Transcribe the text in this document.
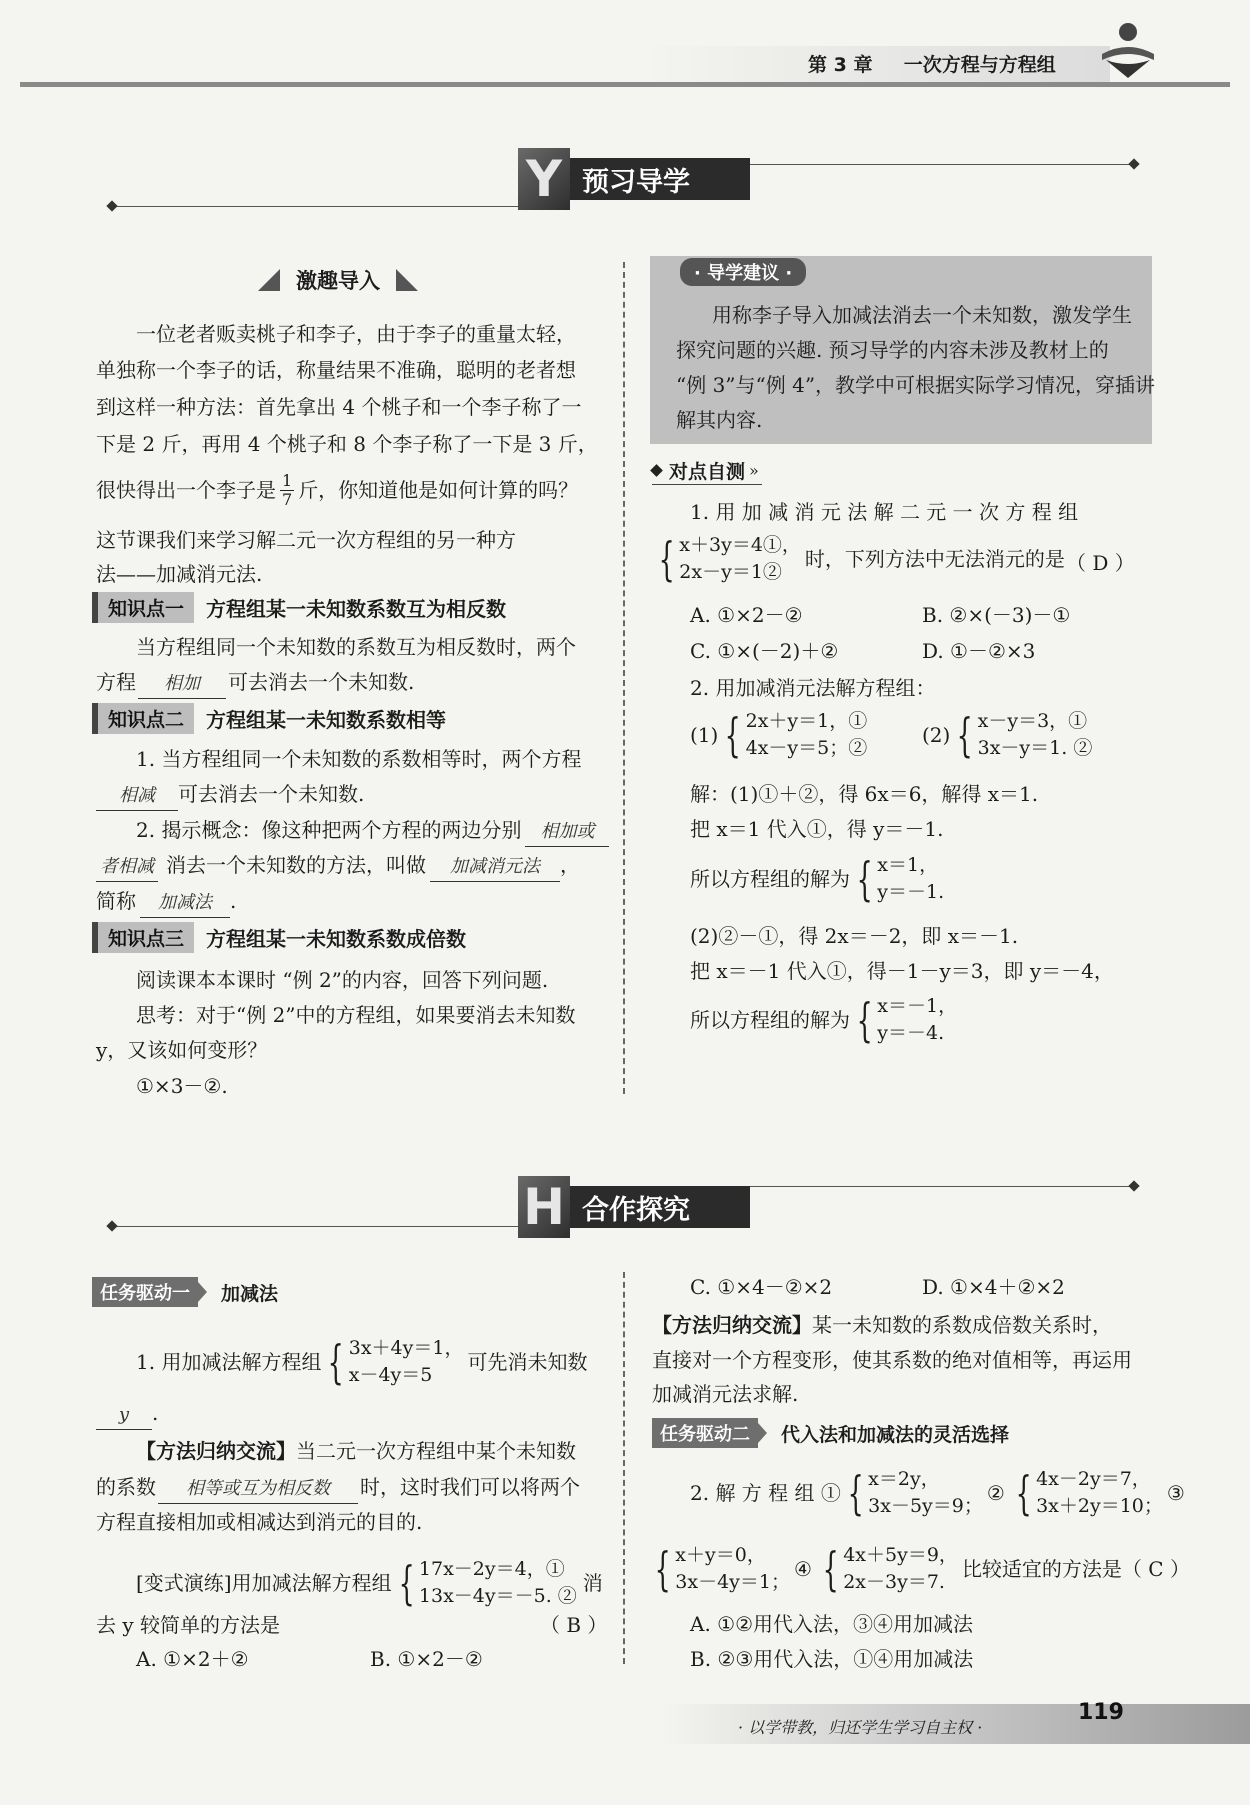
第 3 章 一次方程与方程组
Y 预习导学
激趣导入
一位老者贩卖桃子和李子，由于李子的重量太轻，
单独称一个李子的话，称量结果不准确，聪明的老者想
到这样一种方法：首先拿出 4 个桃子和一个李子称了一
下是 2 斤，再用 4 个桃子和 8 个李子称了一下是 3 斤，
很快得出一个李子是 1
7 斤，你知道他是如何计算的吗？
这节课我们来学习解二元一次方程组的另一种方
法——加减消元法.
知识点一	方程组某一未知数系数互为相反数
当方程组同一个未知数的系数互为相反数时，两个
方程 相加 可去消去一个未知数.
知识点二	方程组某一未知数系数相等
1. 当方程组同一个未知数的系数相等时，两个方程
相减 可去消去一个未知数.
2. 揭示概念：像这种把两个方程的两边分别 相加或
者相减 消去一个未知数的方法，叫做 加减消元法 ，
简称 加减法 .
知识点三	方程组某一未知数系数成倍数
阅读课本本课时 “例 2”的内容，回答下列问题.
思考：对于“例 2”中的方程组，如果要消去未知数
y，又该如何变形？
①×3－②.
· 导学建议 ·
用称李子导入加减法消去一个未知数，激发学生
探究问题的兴趣. 预习导学的内容未涉及教材上的
“例 3”与“例 4”，教学中可根据实际学习情况，穿插讲
解其内容.
对点自测 »
1. 用 加 减 消 元 法 解 二 元 一 次 方 程 组
{ x＋3y＝4①，
2x－y＝1②
时，下列方法中无法消元的是 （ D ）
A. ①×2－②	B. ②×(－3)－①
C. ①×(－2)＋②	D. ①－②×3
2. 用加减消元法解方程组：
(1) { 2x＋y＝1，①
4x－y＝5；②
(2) { x－y＝3，①
3x－y＝1. ②
解：(1)①＋②，得 6x＝6，解得 x＝1.
把 x＝1 代入①，得 y＝－1.
所以方程组的解为 { x＝1，
y＝－1.
(2)②－①，得 2x＝－2，即 x＝－1.
把 x＝－1 代入①，得－1－y＝3，即 y＝－4，
所以方程组的解为 { x＝－1，
y＝－4.
H 合作探究
任务驱动一	加减法
1. 用加减法解方程组 { 3x＋4y＝1，
x－4y＝5
可先消未知数
y .
【方法归纳交流】当二元一次方程组中某个未知数
的系数 相等或互为相反数 时，这时我们可以将两个
方程直接相加或相减达到消元的目的.
[变式演练]用加减法解方程组 { 17x－2y＝4，①
13x－4y＝－5. ②
消
去 y 较简单的方法是	（ B ）
A. ①×2＋②	B. ①×2－②
C. ①×4－②×2	D. ①×4＋②×2
【方法归纳交流】某一未知数的系数成倍数关系时，
直接对一个方程变形，使其系数的绝对值相等，再运用
加减消元法求解.
任务驱动二	代入法和加减法的灵活选择
2. 解 方 程 组 ① { x＝2y，
3x－5y＝9；
② { 4x－2y＝7，
3x＋2y＝10；
③
{ x＋y＝0，
3x－4y＝1；
④ { 4x＋5y＝9，
2x－3y＝7.
比较适宜的方法是（ C ）
A. ①②用代入法，③④用加减法
B. ②③用代入法，①④用加减法
· 以学带教，归还学生学习自主权 ·
119
